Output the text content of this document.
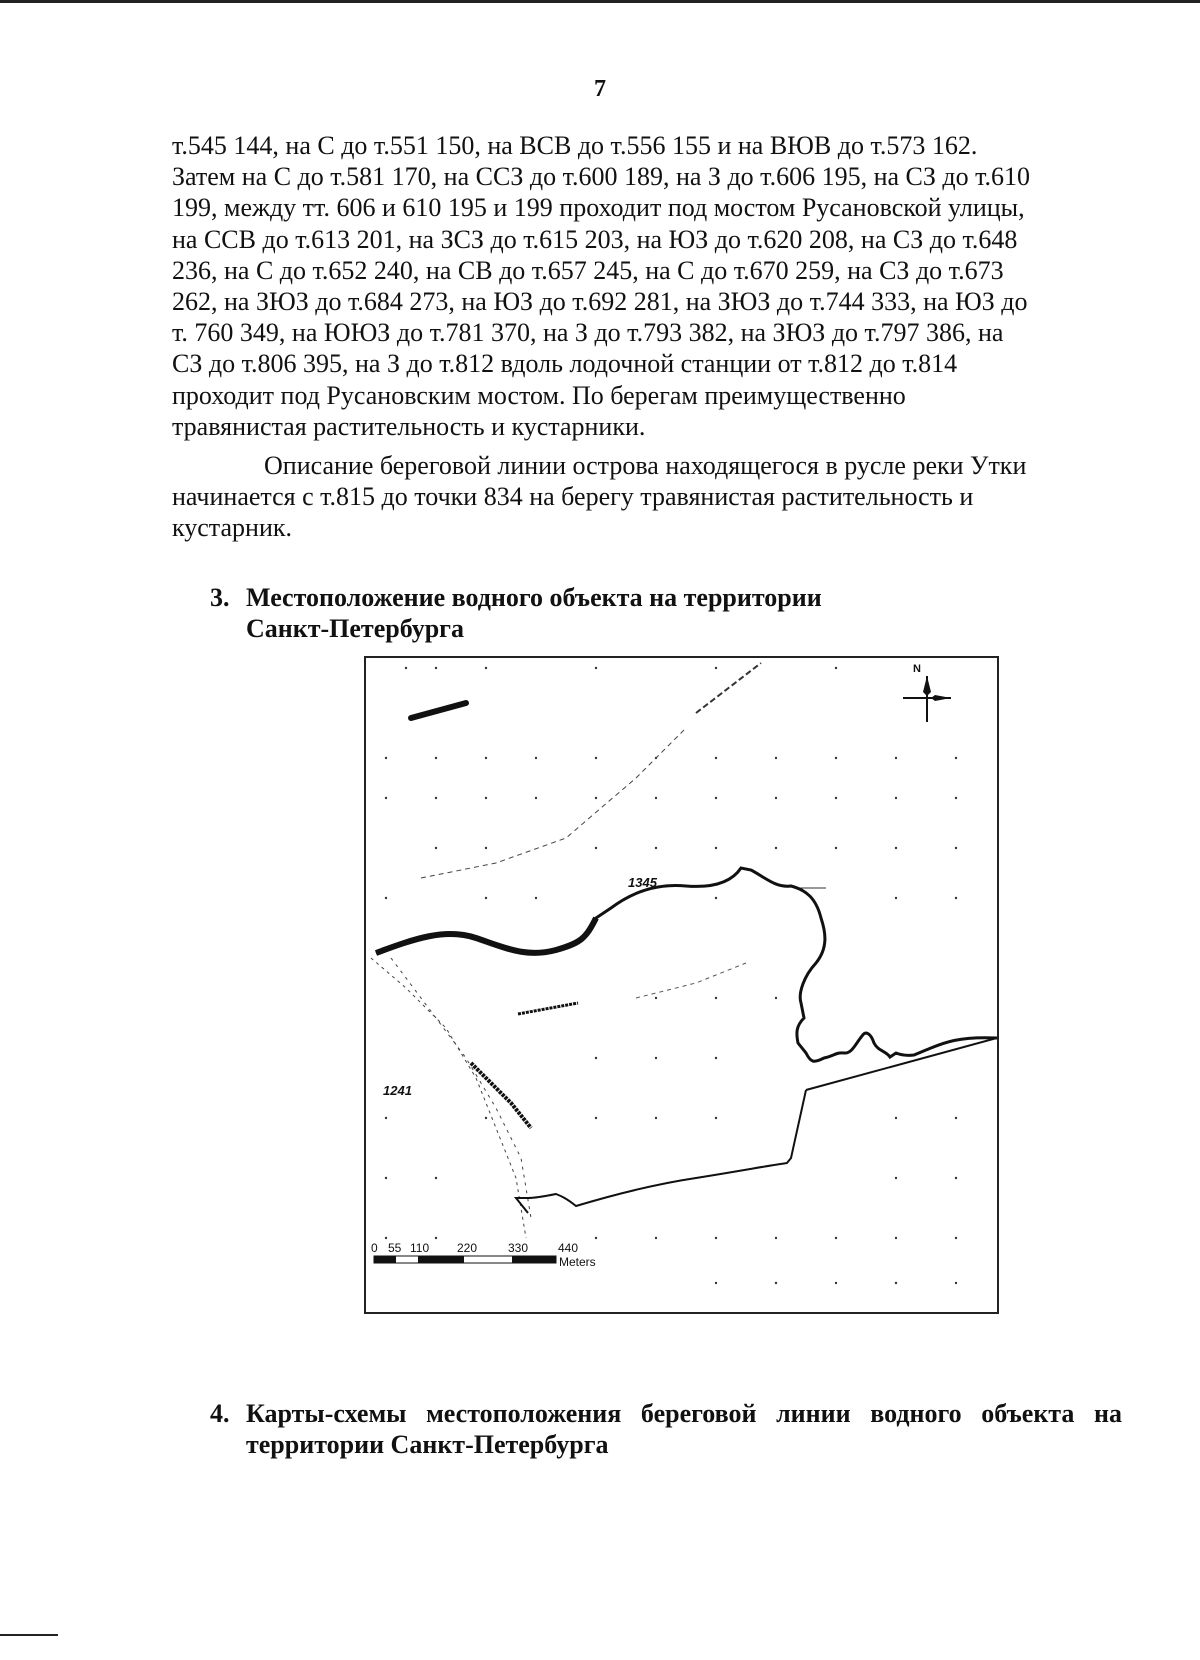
7

т.545 144, на С до т.551 150, на ВСВ до т.556 155 и на ВЮВ до т.573 162.

Затем на С до т.581 170, на ССЗ до т.600 189, на З до т.606 195, на СЗ до т.610

199, между тт. 606 и 610 195 и 199 проходит под мостом Русановской улицы,

на ССВ до т.613 201, на ЗСЗ до т.615 203, на ЮЗ до т.620 208, на СЗ до т.648

236, на С до т.652 240, на СВ до т.657 245, на С до т.670 259, на СЗ до т.673

262, на ЗЮЗ до т.684 273, на ЮЗ до т.692 281, на ЗЮЗ до т.744 333, на ЮЗ до

т. 760 349, на ЮЮЗ до т.781 370, на З до т.793 382, на ЗЮЗ до т.797 386, на

СЗ до т.806 395, на З до т.812 вдоль лодочной станции от т.812 до т.814

проходит под Русановским мостом. По берегам преимущественно

травянистая растительность и кустарники.

Описание береговой линии острова находящегося в русле реки Утки

начинается с т.815 до точки 834 на берегу травянистая растительность и

кустарник.

3. Местоположение водного объекта на территории Санкт-Петербурга
N
1345
1241
0 55 110 220	330 440
Meters
4. Карты-схемы местоположения береговой линии водного объекта на территории Санкт-Петербурга
